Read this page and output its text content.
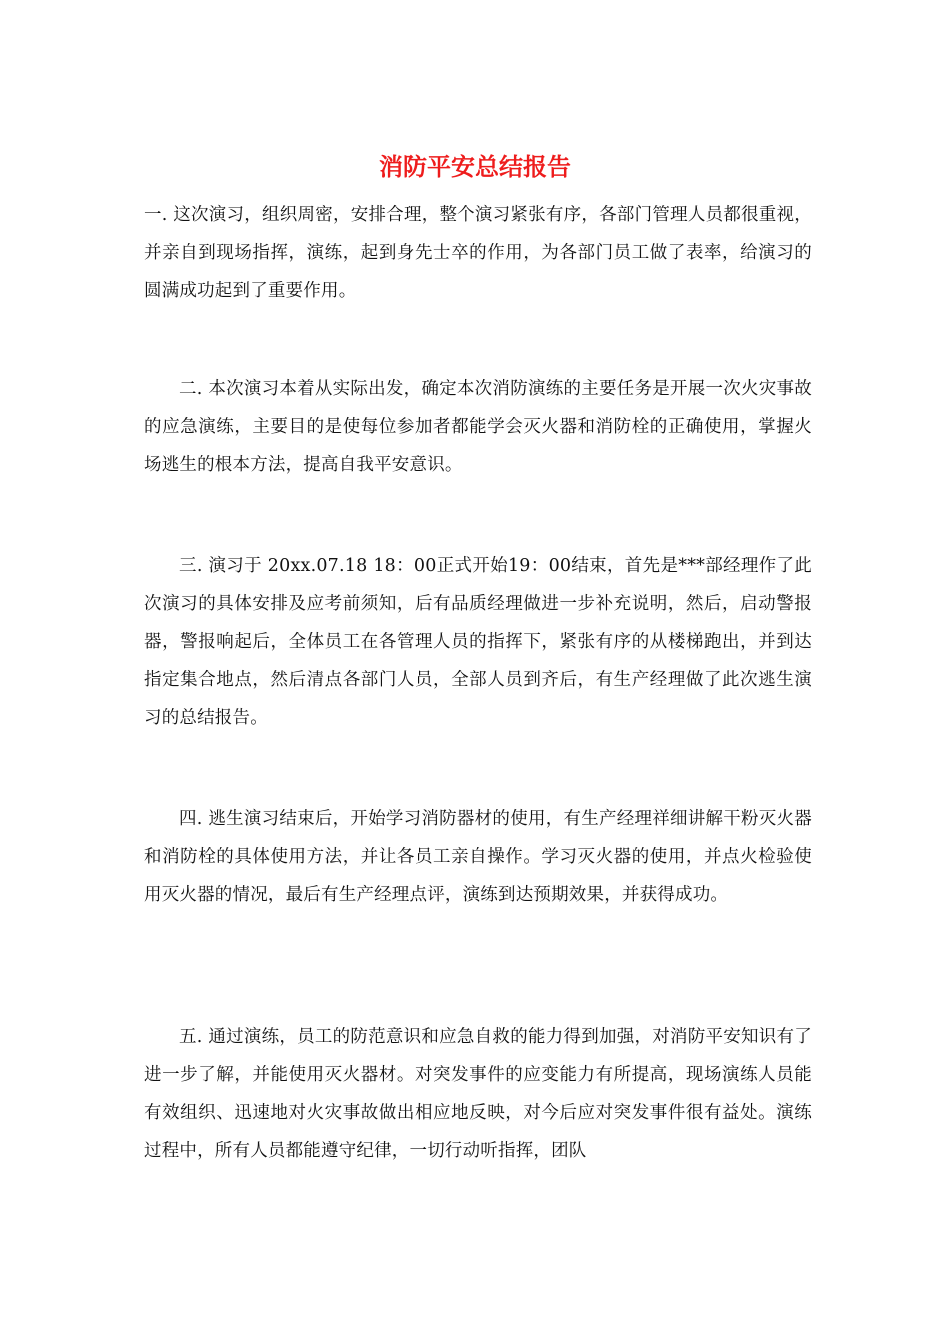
消防平安总结报告

一. 这次演习，组织周密，安排合理，整个演习紧张有序，各部门管理人员都很重视，并亲自到现场指挥，演练，起到身先士卒的作用，为各部门员工做了表率，给演习的圆满成功起到了重要作用。

二. 本次演习本着从实际出发，确定本次消防演练的主要任务是开展一次火灾事故的应急演练，主要目的是使每位参加者都能学会灭火器和消防栓的正确使用，掌握火场逃生的根本方法，提高自我平安意识。

三. 演习于 20xx.07.18 18：00正式开始19：00结束，首先是***部经理作了此次演习的具体安排及应考前须知，后有品质经理做进一步补充说明，然后，启动警报器，警报响起后，全体员工在各管理人员的指挥下，紧张有序的从楼梯跑出，并到达指定集合地点，然后清点各部门人员，全部人员到齐后，有生产经理做了此次逃生演习的总结报告。

四. 逃生演习结束后，开始学习消防器材的使用，有生产经理祥细讲解干粉灭火器和消防栓的具体使用方法，并让各员工亲自操作。学习灭火器的使用，并点火检验使用灭火器的情况，最后有生产经理点评，演练到达预期效果，并获得成功。

五. 通过演练，员工的防范意识和应急自救的能力得到加强，对消防平安知识有了进一步了解，并能使用灭火器材。对突发事件的应变能力有所提高，现场演练人员能有效组织、迅速地对火灾事故做出相应地反映，对今后应对突发事件很有益处。演练过程中，所有人员都能遵守纪律，一切行动听指挥，团队
